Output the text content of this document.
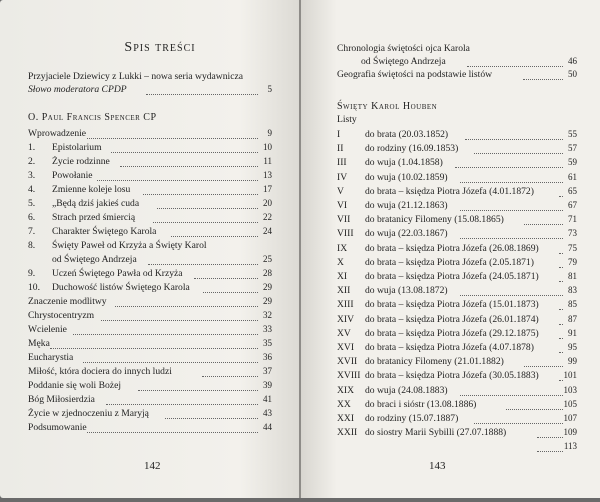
Spis treści
Przyjaciele Dziewicy z Lukki – nowa seria wydawnicza
Słowo moderatora CPDP	5
O. Paul Francis Spencer CP
Wprowadzenie	9
1. Epistolarium	10
2. Życie rodzinne	11
3. Powołanie	13
4. Zmienne koleje losu	17
5. „Będą dziś jakieś cuda	20
6. Strach przed śmiercią	22
7. Charakter Świętego Karola	24
8. Święty Paweł od Krzyża a Święty Karol
od Świętego Andrzeja	25
9. Uczeń Świętego Pawła od Krzyża	28
10. Duchowość listów Świętego Karola	29
Znaczenie modlitwy	29
Chrystocentryzm	32
Wcielenie	33
Męka	35
Eucharystia	36
Miłość, która dociera do innych ludzi	37
Poddanie się woli Bożej	39
Bóg Miłosierdzia	41
Życie w zjednoczeniu z Maryją	43
Podsumowanie	44
142
Chronologia świętości ojca Karola
od Świętego Andrzeja	46
Geografia świętości na podstawie listów	50
Święty Karol Houben
Listy
I	do brata (20.03.1852)	55
II do rodziny (16.09.1853)	57
III do wuja (1.04.1858)	59
IV do wuja (10.02.1859)	61
V do brata – księdza Piotra Józefa (4.01.1872)	65
VI do wuja (21.12.1863)	67
VII do bratanicy Filomeny (15.08.1865)	71
VIII do wuja (22.03.1867)	73
IX do brata – księdza Piotra Józefa (26.08.1869)	75
X do brata – księdza Piotra Józefa (2.05.1871)	79
XI do brata – księdza Piotra Józefa (24.05.1871)	81
XII do wuja (13.08.1872)	83
XIII do brata – księdza Piotra Józefa (15.01.1873)	85
XIV do brata – księdza Piotra Józefa (26.01.1874)	87
XV do brata – księdza Piotra Józefa (29.12.1875)	91
XVI do brata – księdza Piotra Józefa (4.07.1878)	95
XVII do bratanicy Filomeny (21.01.1882)	99
XVIII do brata – księdza Piotra Józefa (30.05.1883)	101
XIX do wuja (24.08.1883)	103
XX do braci i sióstr (13.08.1886)	105
XXI do rodziny (15.07.1887)	107
XXII do siostry Marii Sybilli (27.07.1888)	109
113
143
